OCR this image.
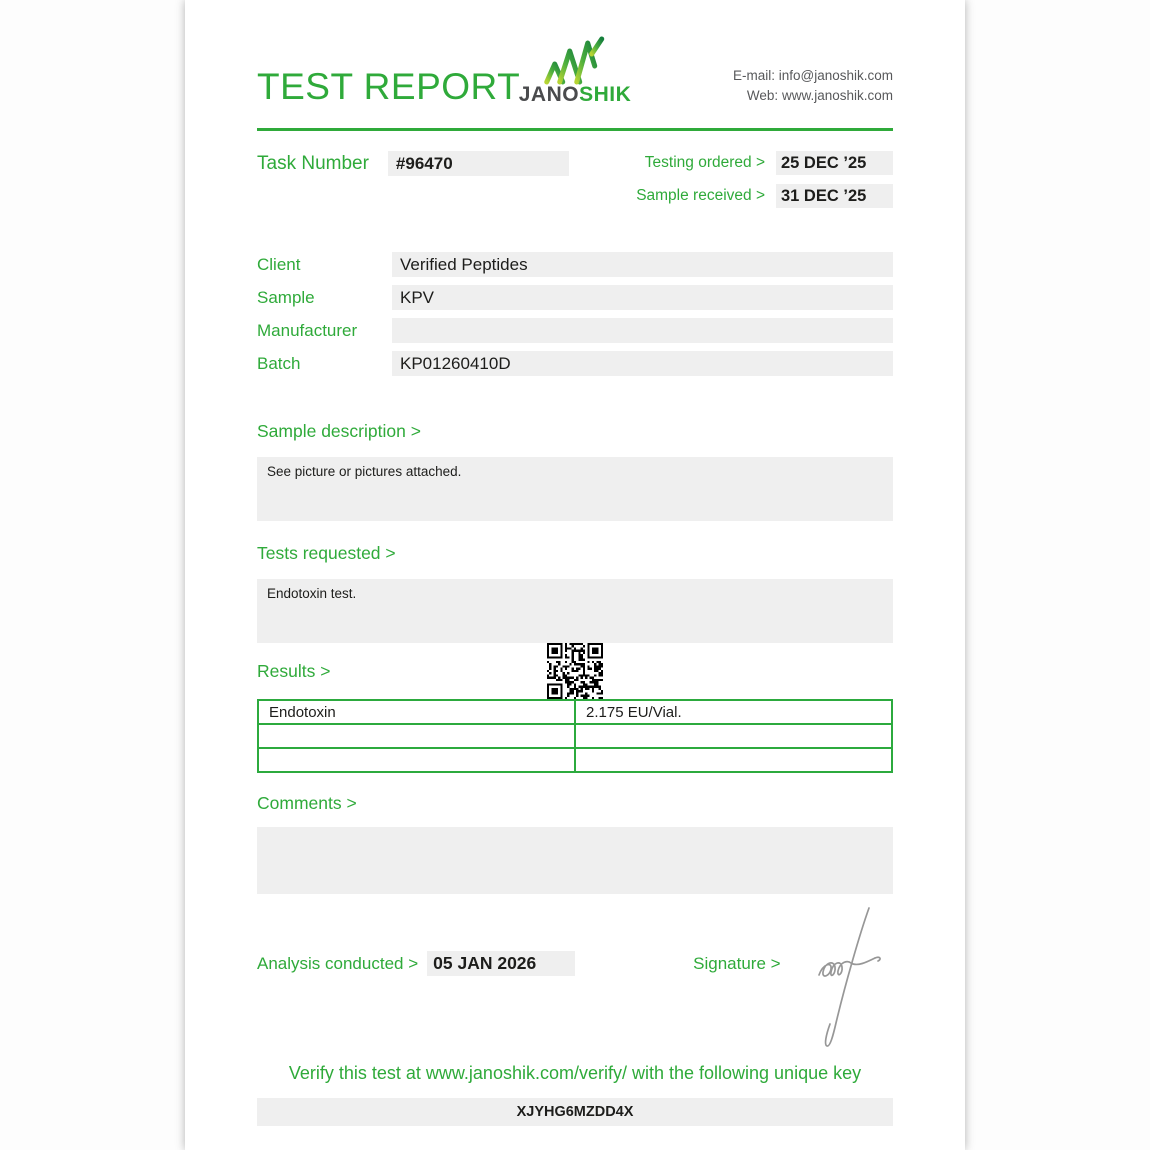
TEST REPORT
JANOSHIK
E-mail: info@janoshik.com
Web: www.janoshik.com
Task Number	#96470	Testing ordered > 25 DEC ’25
Sample received > 31 DEC ’25
Client	Verified Peptides
Sample	KPV
Manufacturer
Batch	KP01260410D
Sample description >
See picture or pictures attached.
Tests requested >
Endotoxin test.
Results >
Endotoxin	2.175 EU/Vial.

Comments >
Analysis conducted > 05 JAN 2026	Signature >
Verify this test at www.janoshik.com/verify/ with the following unique key
XJYHG6MZDD4X
